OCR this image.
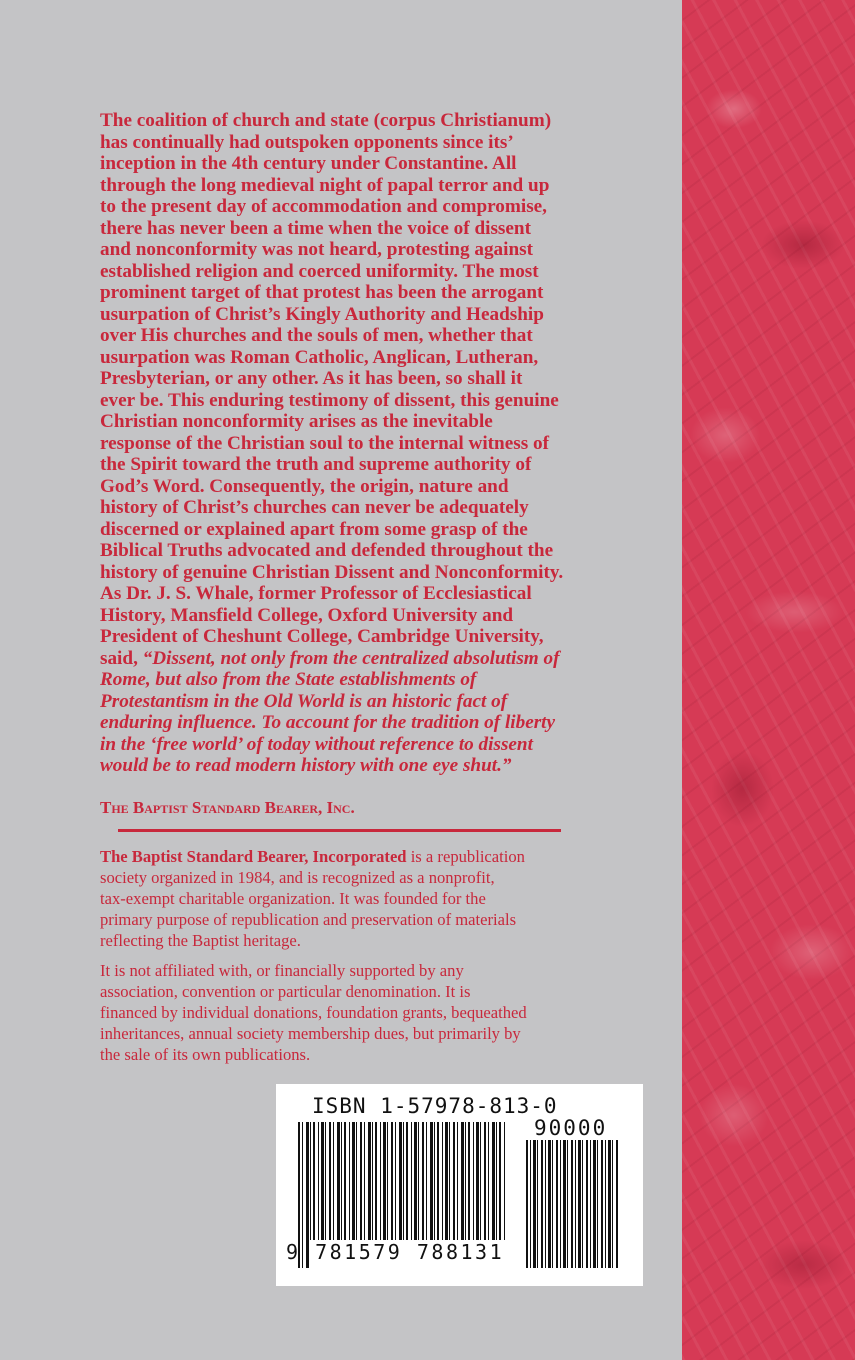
The coalition of church and state (corpus Christianum)
has continually had outspoken opponents since its’
inception in the 4th century under Constantine. All
through the long medieval night of papal terror and up
to the present day of accommodation and compromise,
there has never been a time when the voice of dissent
and nonconformity was not heard, protesting against
established religion and coerced uniformity. The most
prominent target of that protest has been the arrogant
usurpation of Christ’s Kingly Authority and Headship
over His churches and the souls of men, whether that
usurpation was Roman Catholic, Anglican, Lutheran,
Presbyterian, or any other. As it has been, so shall it
ever be. This enduring testimony of dissent, this genuine
Christian nonconformity arises as the inevitable
response of the Christian soul to the internal witness of
the Spirit toward the truth and supreme authority of
God’s Word. Consequently, the origin, nature and
history of Christ’s churches can never be adequately
discerned or explained apart from some grasp of the
Biblical Truths advocated and defended throughout the
history of genuine Christian Dissent and Nonconformity.
As Dr. J. S. Whale, former Professor of Ecclesiastical
History, Mansfield College, Oxford University and
President of Cheshunt College, Cambridge University,
said, “Dissent, not only from the centralized absolutism of
Rome, but also from the State establishments of
Protestantism in the Old World is an historic fact of
enduring influence. To account for the tradition of liberty
in the ‘free world’ of today without reference to dissent
would be to read modern history with one eye shut.”
The Baptist Standard Bearer, Inc.
The Baptist Standard Bearer, Incorporated is a republication
society organized in 1984, and is recognized as a nonprofit,
tax-exempt charitable organization. It was founded for the
primary purpose of republication and preservation of materials
reflecting the Baptist heritage.
It is not affiliated with, or financially supported by any
association, convention or particular denomination. It is
financed by individual donations, foundation grants, bequeathed
inheritances, annual society membership dues, but primarily by
the sale of its own publications.
ISBN 1-57978-813-0
9 781579 788131
90000
